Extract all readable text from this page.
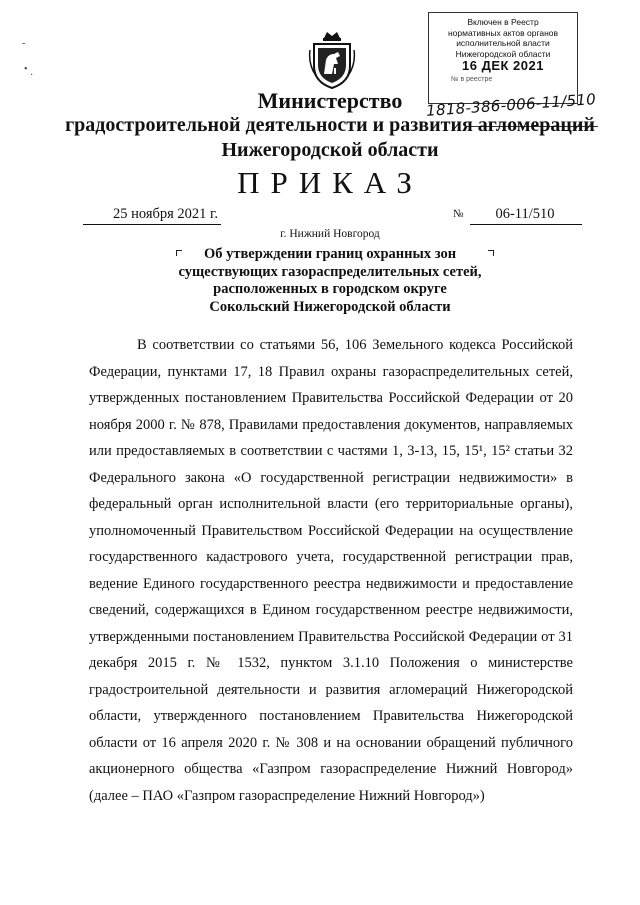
Включен в Реестр
нормативных актов органов
исполнительной власти
Нижегородской области
16 ДЕК 2021
№ в реестре
1818-386-006-11/510
Министерство
градостроительной деятельности и развития агломераций
Нижегородской области
ПРИКАЗ
25 ноября 2021 г.	№	06-11/510
г. Нижний Новгород
Об утверждении границ охранных зон
существующих газораспределительных сетей,
расположенных в городском округе
Сокольский Нижегородской области
В соответствии со статьями 56, 106 Земельного кодекса Российской
Федерации, пунктами 17, 18 Правил охраны газораспределительных сетей,
утвержденных постановлением Правительства Российской Федерации от 20
ноября 2000 г. № 878, Правилами предоставления документов, направляемых
или предоставляемых в соответствии с частями 1, 3-13, 15, 15¹, 15² статьи 32
Федерального закона «О государственной регистрации недвижимости» в
федеральный орган исполнительной власти (его территориальные органы),
уполномоченный Правительством Российской Федерации на осуществление
государственного кадастрового учета, государственной регистрации прав,
ведение Единого государственного реестра недвижимости и предоставление
сведений, содержащихся в Едином государственном реестре недвижимости,
утвержденными постановлением Правительства Российской Федерации от 31
декабря 2015 г. № 1532, пунктом 3.1.10 Положения о министерстве
градостроительной деятельности и развития агломераций Нижегородской
области, утвержденного постановлением Правительства Нижегородской
области от 16 апреля 2020 г. № 308 и на основании обращений публичного
акционерного общества «Газпром газораспределение Нижний Новгород»
(далее – ПАО «Газпром газораспределение Нижний Новгород»)
-
•
·
